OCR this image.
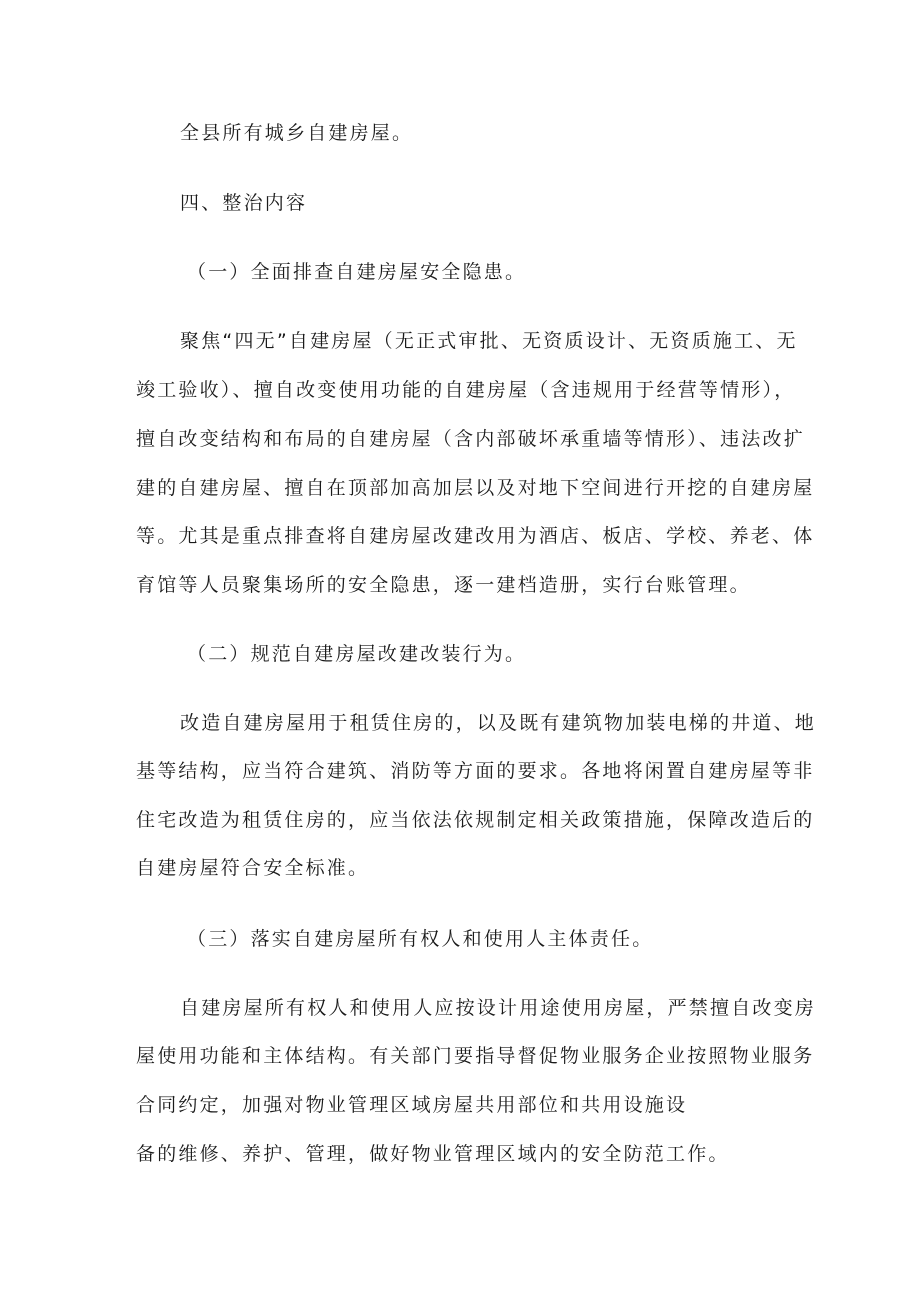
全县所有城乡自建房屋。
四、整治内容
（一）全面排查自建房屋安全隐患。
聚焦“四无”自建房屋（无正式审批、无资质设计、无资质施工、无
竣工验收）、擅自改变使用功能的自建房屋（含违规用于经营等情形），
擅自改变结构和布局的自建房屋（含内部破坏承重墙等情形）、违法改扩
建的自建房屋、擅自在顶部加高加层以及对地下空间进行开挖的自建房屋
等。尤其是重点排查将自建房屋改建改用为酒店、板店、学校、养老、体
育馆等人员聚集场所的安全隐患，逐一建档造册，实行台账管理。
（二）规范自建房屋改建改装行为。
改造自建房屋用于租赁住房的，以及既有建筑物加装电梯的井道、地
基等结构，应当符合建筑、消防等方面的要求。各地将闲置自建房屋等非
住宅改造为租赁住房的，应当依法依规制定相关政策措施，保障改造后的
自建房屋符合安全标准。
（三）落实自建房屋所有权人和使用人主体责任。
自建房屋所有权人和使用人应按设计用途使用房屋，严禁擅自改变房
屋使用功能和主体结构。有关部门要指导督促物业服务企业按照物业服务
合同约定，加强对物业管理区域房屋共用部位和共用设施设
备的维修、养护、管理，做好物业管理区域内的安全防范工作。
